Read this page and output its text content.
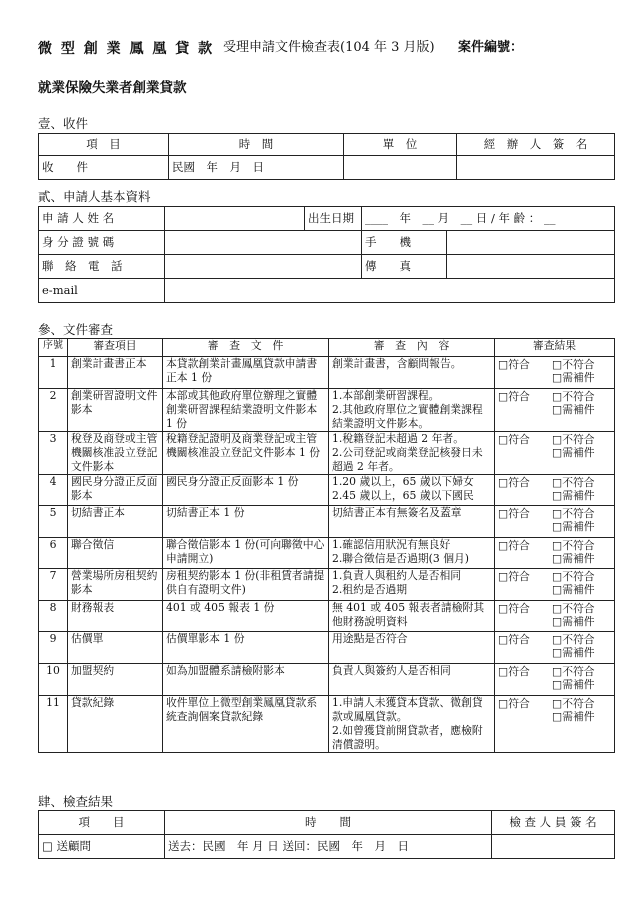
微 型 創 業 鳳 凰 貸 款 受理申請文件檢查表(104 年 3 月版) 案件編號：
就業保險失業者創業貸款
壹、收件
項　目	時　間	單　位	經　辦　人　簽　名
收　　件	民國　年　月　日		
貳、申請人基本資料
申 請 人 姓 名		出生日期	____　年　__ 月　__ 日 / 年 齡 ： __	
身 分 證 號 碼			手　　機	
聯　絡　電　話			傳　　真	
e-mail				
參、文件審查
序號	審查項目	審　查　文　件	審　查　內　容	審查結果
1	創業計畫書正本	本貸款創業計畫鳳凰貸款申請書正本 1 份	創業計畫書，含顧問報告。	□符合 □不符合
□需補件

2	創業研習證明文件影本	本部或其他政府單位辦理之實體創業研習課程結業證明文件影本 1 份	1.本部創業研習課程。
2.其他政府單位之實體創業課程結業證明文件影本。	□符合 □不符合
□需補件

3	稅登及商登或主管機關核准設立登記文件影本	稅籍登記證明及商業登記或主管機關核准設立登記文件影本 1 份	1.稅籍登記未超過 2 年者。
2.公司登記或商業登記核發日未超過 2 年者。	□符合 □不符合
□需補件

4	國民身分證正反面影本	國民身分證正反面影本 1 份	1.20 歲以上，65 歲以下婦女
2.45 歲以上，65 歲以下國民	□符合 □不符合
□需補件

5	切結書正本	切結書正本 1 份	切結書正本有無簽名及蓋章	□符合 □不符合
□需補件

6	聯合徵信	聯合徵信影本 1 份(可向聯徵中心申請開立)	1.確認信用狀況有無良好
2.聯合徵信是否過期(3 個月)	□符合 □不符合
□需補件

7	營業場所房租契約影本	房租契約影本 1 份(非租賃者請提供自有證明文件)	1.負責人與租約人是否相同
2.租約是否過期	□符合 □不符合
□需補件

8	財務報表	401 或 405 報表 1 份	無 401 或 405 報表者請檢附其他財務說明資料	□符合 □不符合
□需補件

9	估價單	估價單影本 1 份	用途點是否符合	□符合 □不符合
□需補件

10	加盟契約	如為加盟體系請檢附影本	負責人與簽約人是否相同	□符合 □不符合
□需補件

11	貸款紀錄	收件單位上微型創業鳳凰貸款系統查詢個案貸款紀錄	1.申請人未獲貸本貸款、微創貸款或鳳凰貸款。
2.如曾獲貸前開貸款者，應檢附清償證明。	□符合 □不符合
□需補件
肆、檢查結果
項　　目	時　　間	檢 查 人 員 簽 名
□ 送顧問	送去：民國　年 月 日 送回：民國　年　月　日	
